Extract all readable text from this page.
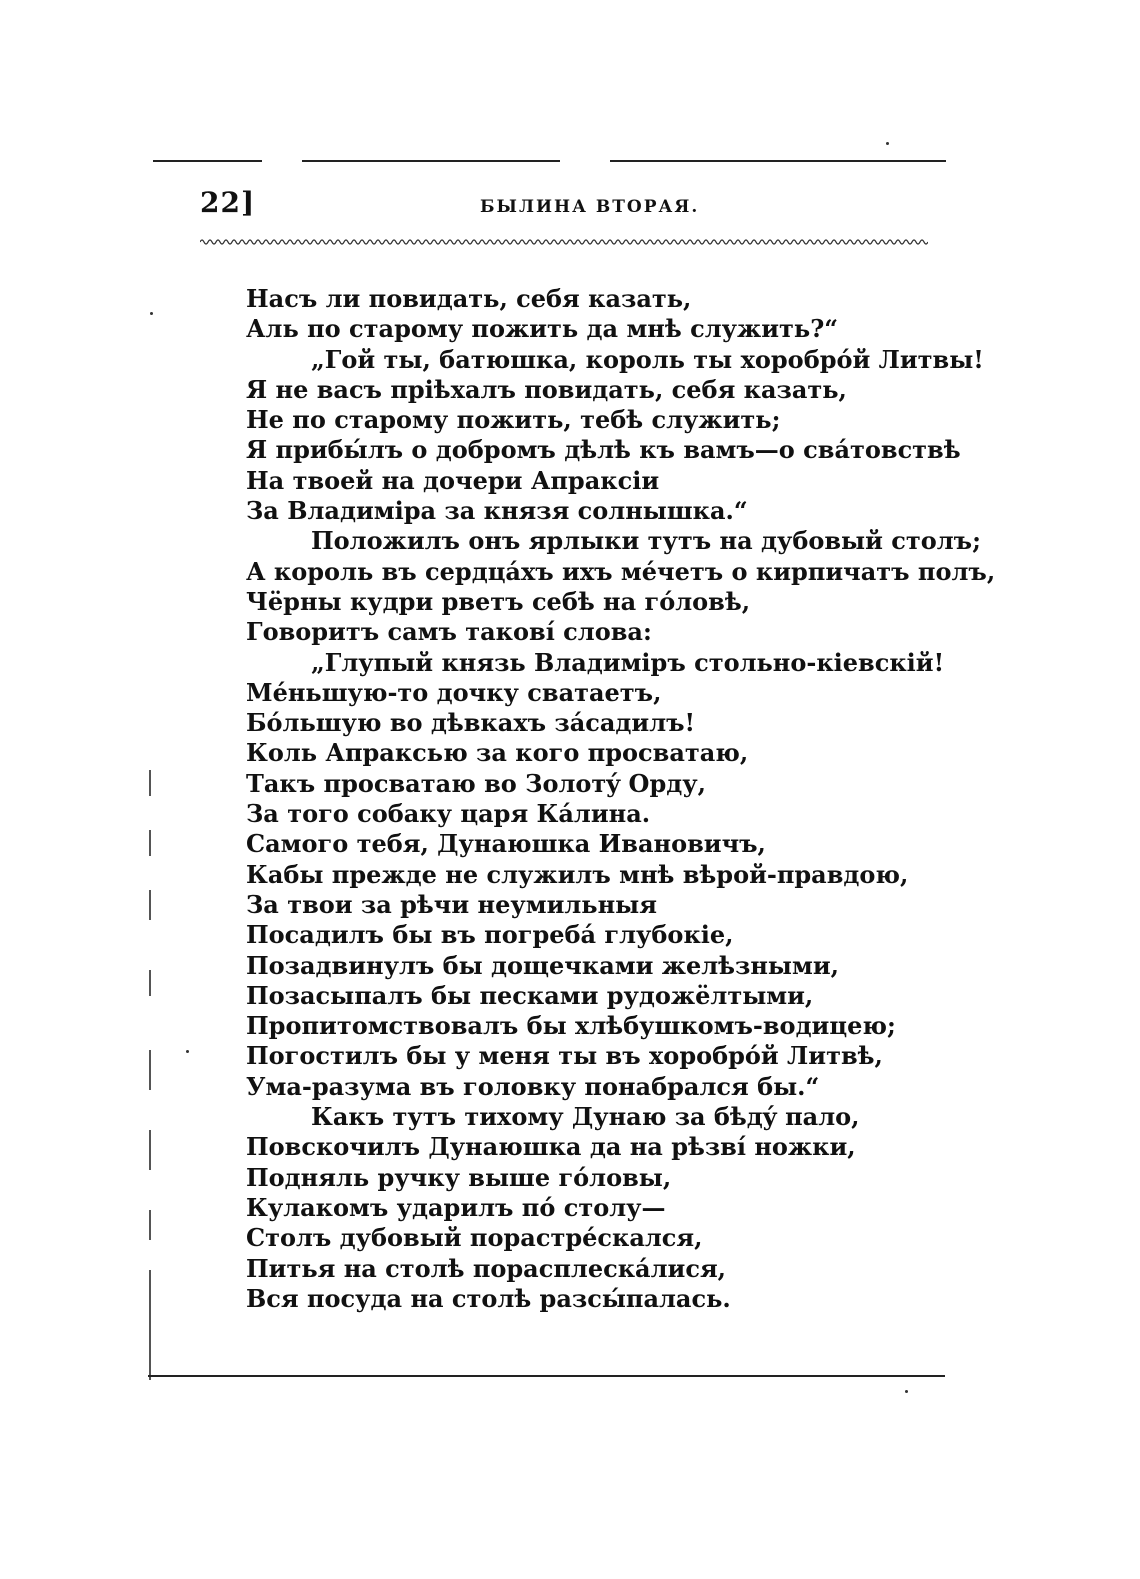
22]	БЫЛИНА ВТОРАЯ.
Насъ ли повидать, себя казать,
Аль по старому пожить да мнѣ служить?“
„Гой ты, батюшка, король ты хоробрóй Литвы!
Я не васъ пріѣхалъ повидать, себя казать,
Не по старому пожить, тебѣ служить;
Я прибы́лъ о добромъ дѣлѣ къ вамъ—о свáтовствѣ
На твоей на дочери Апраксіи
За Владиміра за князя солнышка.“
Положилъ онъ ярлыки тутъ на дубовый столъ;
А король въ сердцáхъ ихъ мéчетъ о кирпичатъ полъ,
Чёрны кудри рветъ себѣ на гóловѣ,
Говоритъ самъ такові́ слова:
„Глупый князь Владиміръ стольно-кіевскій!
Мéньшую-то дочку сватаетъ,
Бóльшую во дѣвкахъ зáсадилъ!
Коль Апраксью за кого просватаю,
Такъ просватаю во Золотý Орду,
За того собаку царя Кáлина.
Самого тебя, Дунаюшка Ивановичъ,
Кабы прежде не служилъ мнѣ вѣрой-правдою,
За твои за рѣчи неумильныя
Посадилъ бы въ погребá глубокіе,
Позадвинулъ бы дощечками желѣзными,
Позасыпалъ бы песками рудожёлтыми,
Пропитомствовалъ бы хлѣбушкомъ-водицею;
Погостилъ бы у меня ты въ хоробрóй Литвѣ,
Ума-разума въ головку понабрался бы.“
Какъ тутъ тихому Дунаю за бѣдý пало,
Повскочилъ Дунаюшка да на рѣзві́ ножки,
Подняль ручку выше гóловы,
Кулакомъ ударилъ пó столу—
Столъ дубовый порастрéскался,
Питья на столѣ порасплескáлися,
Вся посуда на столѣ разсы́палась.
